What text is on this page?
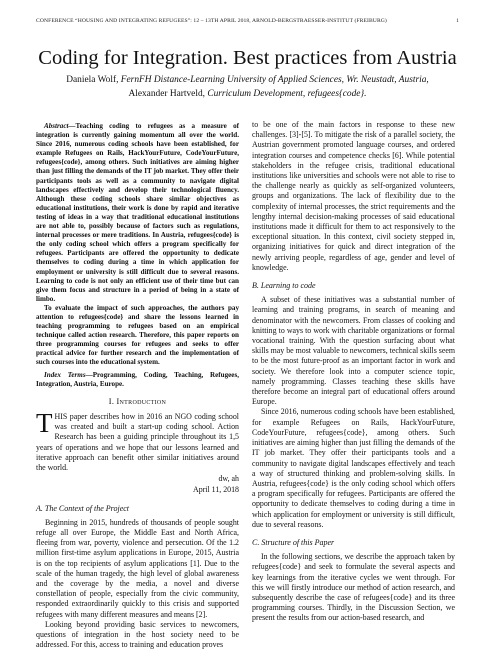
CONFERENCE “HOUSING AND INTEGRATING REFUGEES”: 12 – 13TH APRIL 2018, ARNOLD-BERGSTRAESSER-INSTITUT (FREIBURG)	1
Coding for Integration. Best practices from Austria
Daniela Wolf, FernFH Distance-Learning University of Applied Sciences, Wr. Neustadt, Austria, Alexander Hartveld, Curriculum Development, refugees{code}.

Abstract—Teaching coding to refugees as a measure of integration is currently gaining momentum all over the world. Since 2016, numerous coding schools have been established, for example Refugees on Rails, HackYourFuture, CodeYourFuture, refugees{code}, among others. Such initiatives are aiming higher than just filling the demands of the IT job market. They offer their participants tools as well as a community to navigate digital landscapes effectively and develop their technological fluency. Although these coding schools share similar objectives as educational institutions, their work is done by rapid and iterative testing of ideas in a way that traditional educational institutions are not able to, possibly because of factors such as regulations, internal processes or mere traditions. In Austria, refugees{code} is the only coding school which offers a program specifically for refugees. Participants are offered the opportunity to dedicate themselves to coding during a time in which application for employment or university is still difficult due to several reasons. Learning to code is not only an efficient use of their time but can give them focus and structure in a period of being in a state of limbo.

To evaluate the impact of such approaches, the authors pay attention to refugees{code} and share the lessons learned in teaching programming to refugees based on an empirical technique called action research. Therefore, this paper reports on three programming courses for refugees and seeks to offer practical advice for further research and the implementation of such courses into the educational system.

Index Terms—Programming, Coding, Teaching, Refugees, Integration, Austria, Europe.
I. Introduction

THIS paper describes how in 2016 an NGO coding school was created and built a start-up coding school. Action Research has been a guiding principle throughout its 1,5 years of operations and we hope that our lessons learned and iterative approach can benefit other similar initiatives around the world.

dw, ah
April 11, 2018
A. The Context of the Project

Beginning in 2015, hundreds of thousands of people sought refuge all over Europe, the Middle East and North Africa, fleeing from war, poverty, violence and persecution. Of the 1.2 million first-time asylum applications in Europe, 2015, Austria is on the top recipients of asylum applications [1]. Due to the scale of the human tragedy, the high level of global awareness and the coverage by the media, a novel and diverse constellation of people, especially from the civic community, responded extraordinarily quickly to this crisis and supported refugees with many different measures and means [2].

Looking beyond providing basic services to newcomers, questions of integration in the host society need to be addressed. For this, access to training and education proves

to be one of the main factors in response to these new challenges. [3]-[5]. To mitigate the risk of a parallel society, the Austrian government promoted language courses, and ordered integration courses and competence checks [6]. While potential stakeholders in the refugee crisis, traditional educational institutions like universities and schools were not able to rise to the challenge nearly as quickly as self-organized volunteers, groups and organizations. The lack of flexibility due to the complexity of internal processes, the strict requirements and the lengthy internal decision-making processes of said educational institutions made it difficult for them to act responsively to the exceptional situation. In this context, civil society stepped in, organizing initiatives for quick and direct integration of the newly arriving people, regardless of age, gender and level of knowledge.

B. Learning to code

A subset of these initiatives was a substantial number of learning and training programs, in search of meaning and denominator with the newcomers. From classes of cooking and knitting to ways to work with charitable organizations or formal vocational training. With the question surfacing about what skills may be most valuable to newcomers, technical skills seem to be the most future-proof as an important factor in work and society. We therefore look into a computer science topic, namely programming. Classes teaching these skills have therefore become an integral part of educational offers around Europe.

Since 2016, numerous coding schools have been established, for example Refugees on Rails, HackYourFuture, CodeYourFuture, refugees{code}, among others. Such initiatives are aiming higher than just filling the demands of the IT job market. They offer their participants tools and a community to navigate digital landscapes effectively and teach a way of structured thinking and problem-solving skills. In Austria, refugees{code} is the only coding school which offers a program specifically for refugees. Participants are offered the opportunity to dedicate themselves to coding during a time in which application for employment or university is still difficult, due to several reasons.

C. Structure of this Paper

In the following sections, we describe the approach taken by refugees{code} and seek to formulate the several aspects and key learnings from the iterative cycles we went through. For this we will firstly introduce our method of action research, and subsequently describe the case of refugees{code} and its three programming courses. Thirdly, in the Discussion Section, we present the results from our action-based research, and
